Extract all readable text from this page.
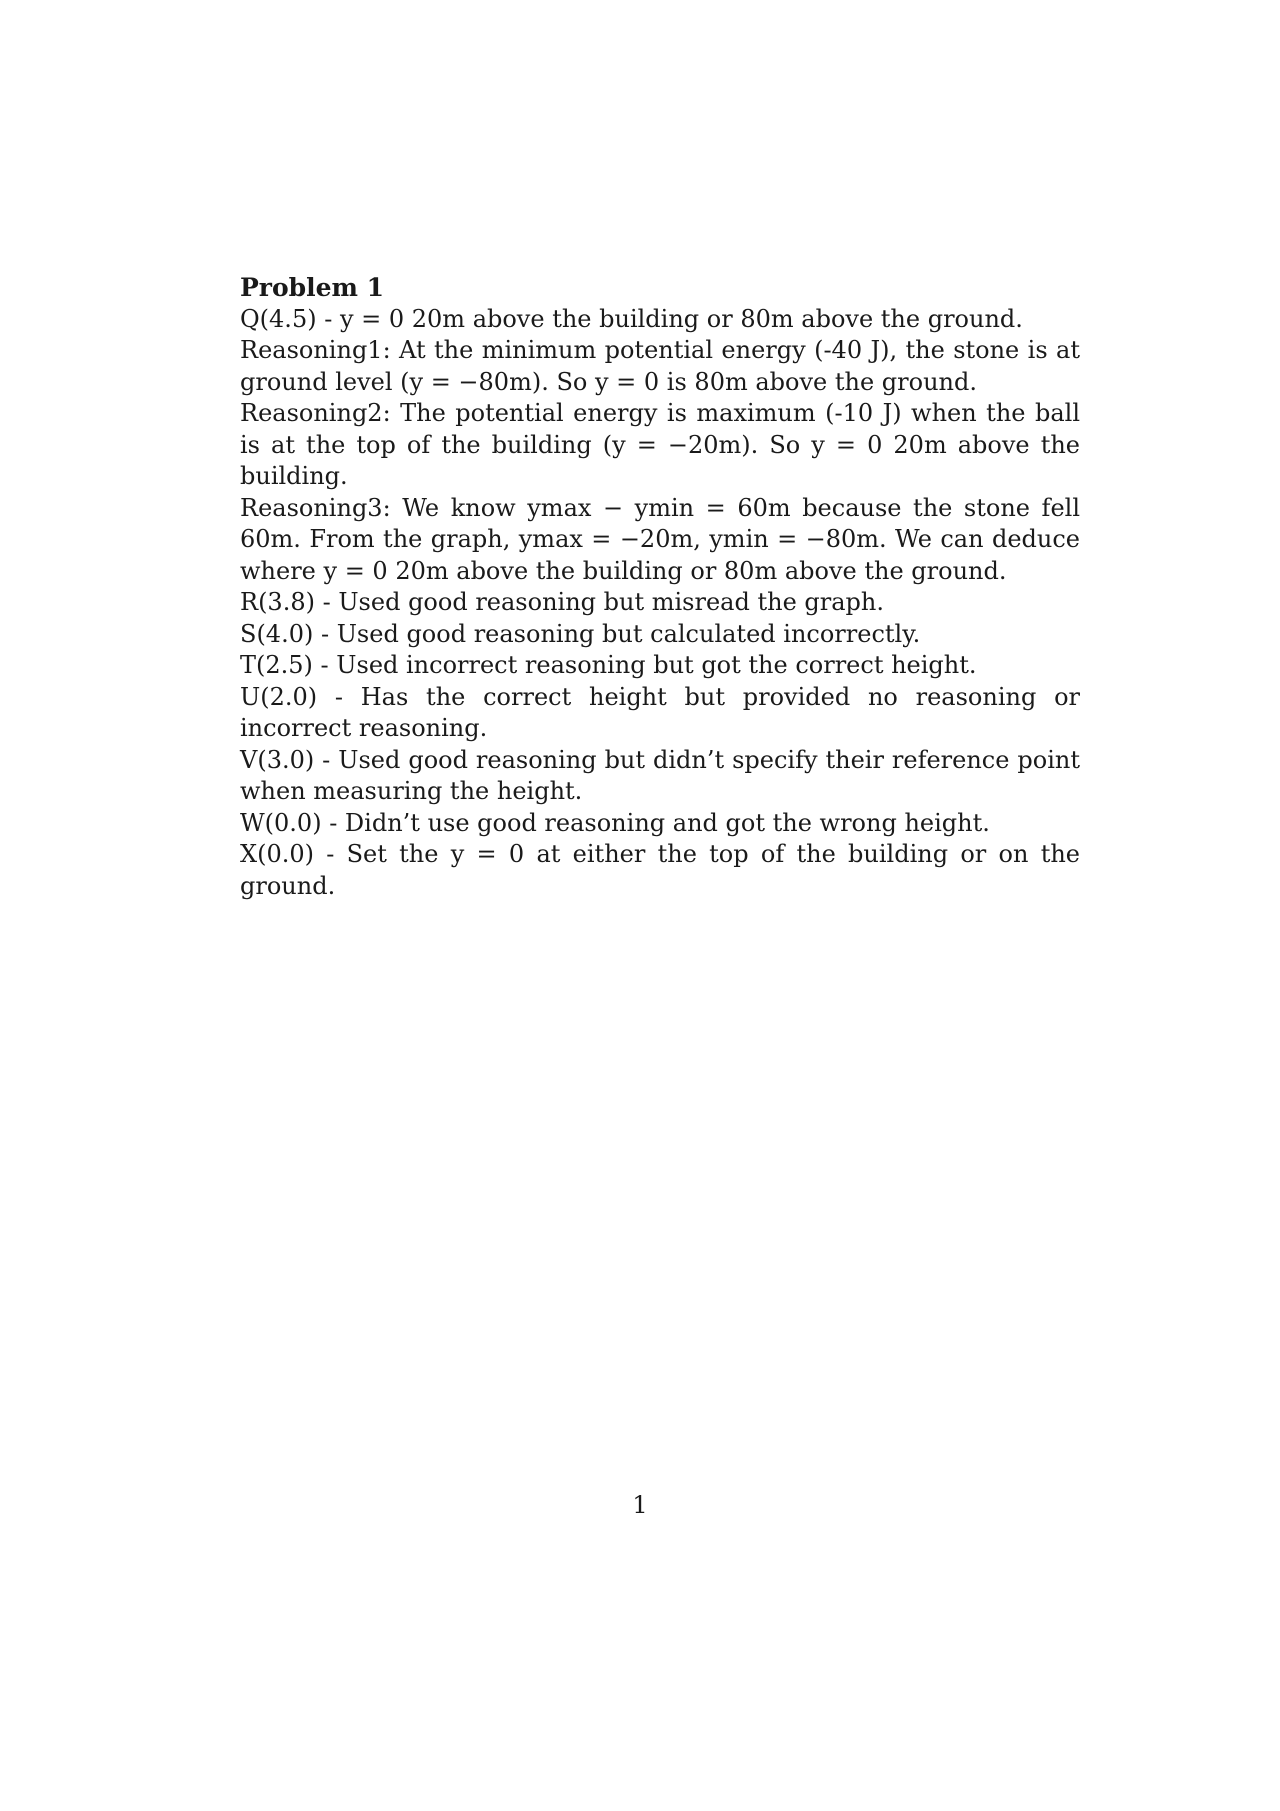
Problem 1

Q(4.5) - y = 0 20m above the building or 80m above the ground.

Reasoning1: At the minimum potential energy (-40 J), the stone is at ground level (y = −80m). So y = 0 is 80m above the ground.

Reasoning2: The potential energy is maximum (-10 J) when the ball is at the top of the building (y = −20m). So y = 0 20m above the building.

Reasoning3: We know ymax − ymin = 60m because the stone fell 60m. From the graph, ymax = −20m, ymin = −80m. We can deduce where y = 0 20m above the building or 80m above the ground.

R(3.8) - Used good reasoning but misread the graph.

S(4.0) - Used good reasoning but calculated incorrectly.

T(2.5) - Used incorrect reasoning but got the correct height.

U(2.0) - Has the correct height but provided no reasoning or incorrect reasoning.

V(3.0) - Used good reasoning but didn’t specify their reference point when measuring the height.

W(0.0) - Didn’t use good reasoning and got the wrong height.

X(0.0) - Set the y = 0 at either the top of the building or on the ground.

1
